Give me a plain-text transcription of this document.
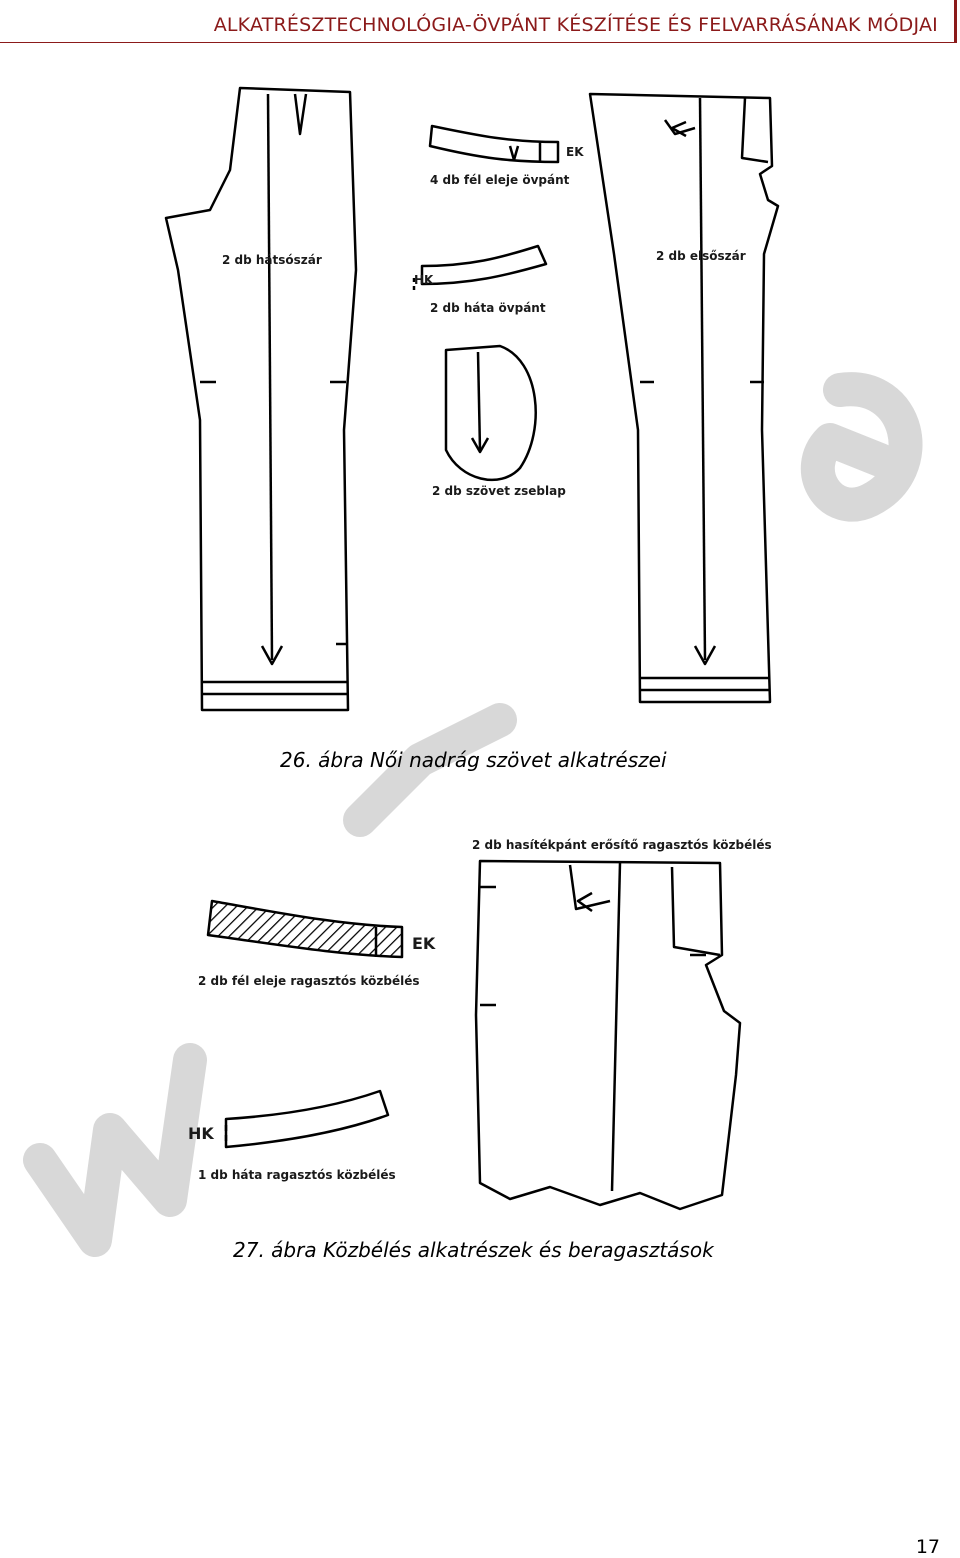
ALKATRÉSZTECHNOLÓGIA-ÖVPÁNT KÉSZÍTÉSE ÉS FELVARRÁSÁNAK MÓDJAI
2 db hátsószár	2 db elsőszár
4 db fél eleje övpánt
EK
HK
2 db háta övpánt
2 db szövet zseblap
26. ábra Női nadrág szövet alkatrészei
2 db hasítékpánt erősítő ragasztós közbélés
EK
2 db fél eleje ragasztós közbélés
HK
1 db háta ragasztós közbélés
27. ábra Közbélés alkatrészek és beragasztások
17
